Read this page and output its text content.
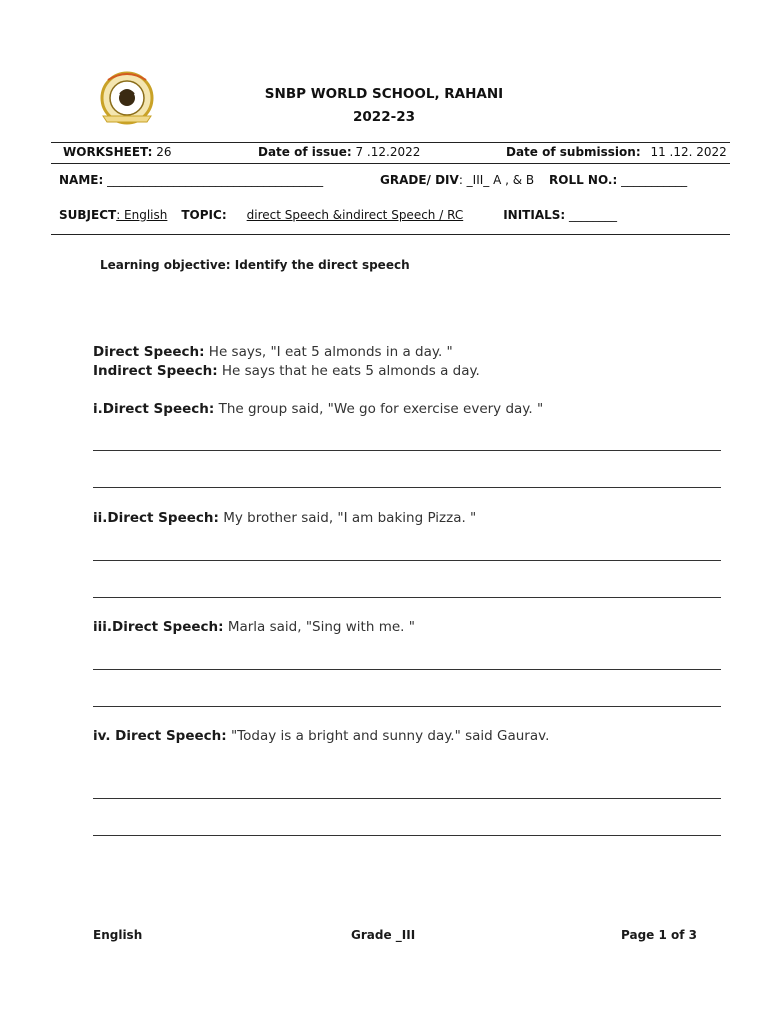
SNBP WORLD SCHOOL, RAHANI
2022-23
WORKSHEET: 26	Date of issue: 7 .12.2022	Date of submission: 11 .12. 2022
NAME: ____________________________________	GRADE/ DIV: _III_ A , & B ROLL NO.: ___________
SUBJECT: English TOPIC: direct Speech &indirect Speech / RC	INITIALS: ________
Learning objective: Identify the direct speech
Direct Speech: He says, "I eat 5 almonds in a day. "
Indirect Speech: He says that he eats 5 almonds a day.
i.Direct Speech: The group said, "We go for exercise every day. "
ii.Direct Speech: My brother said, "I am baking Pizza. "
iii.Direct Speech: Marla said, "Sing with me. "
iv. Direct Speech: "Today is a bright and sunny day." said Gaurav.
English	Grade _III	Page 1 of 3
